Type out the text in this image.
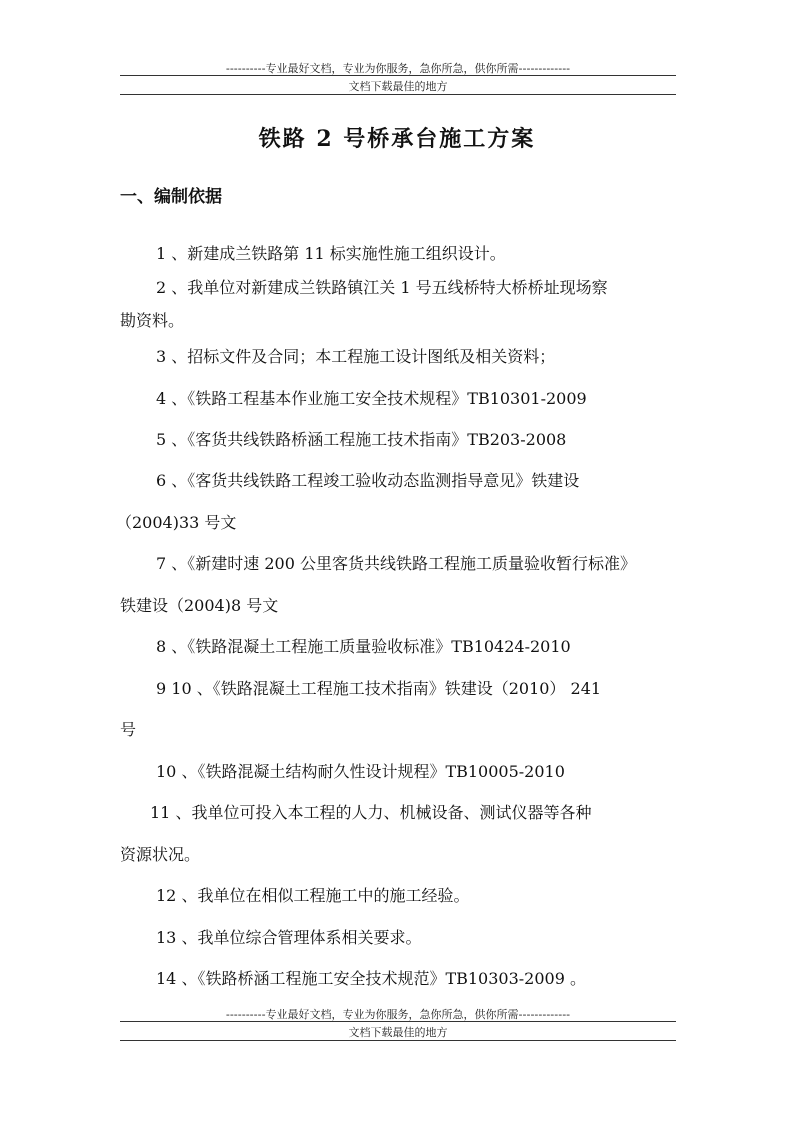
----------专业最好文档，专业为你服务，急你所急，供你所需-------------
文档下载最佳的地方
铁路 2 号桥承台施工方案
一、编制依据
1 、新建成兰铁路第 11 标实施性施工组织设计。
2 、我单位对新建成兰铁路镇江关 1 号五线桥特大桥桥址现场察
勘资料。
3 、招标文件及合同；本工程施工设计图纸及相关资料；
4 、《铁路工程基本作业施工安全技术规程》TB10301-2009
5 、《客货共线铁路桥涵工程施工技术指南》TB203-2008
6 、《客货共线铁路工程竣工验收动态监测指导意见》铁建设
（2004)33 号文
7 、《新建时速 200 公里客货共线铁路工程施工质量验收暂行标准》
铁建设（2004)8 号文
8 、《铁路混凝土工程施工质量验收标准》TB10424-2010
9 10 、《铁路混凝土工程施工技术指南》铁建设（2010） 241
号
10 、《铁路混凝土结构耐久性设计规程》TB10005-2010
11 、我单位可投入本工程的人力、机械设备、测试仪器等各种
资源状况。
12 、我单位在相似工程施工中的施工经验。
13 、我单位综合管理体系相关要求。
14 、《铁路桥涵工程施工安全技术规范》TB10303-2009 。
----------专业最好文档，专业为你服务，急你所急，供你所需-------------
文档下载最佳的地方
